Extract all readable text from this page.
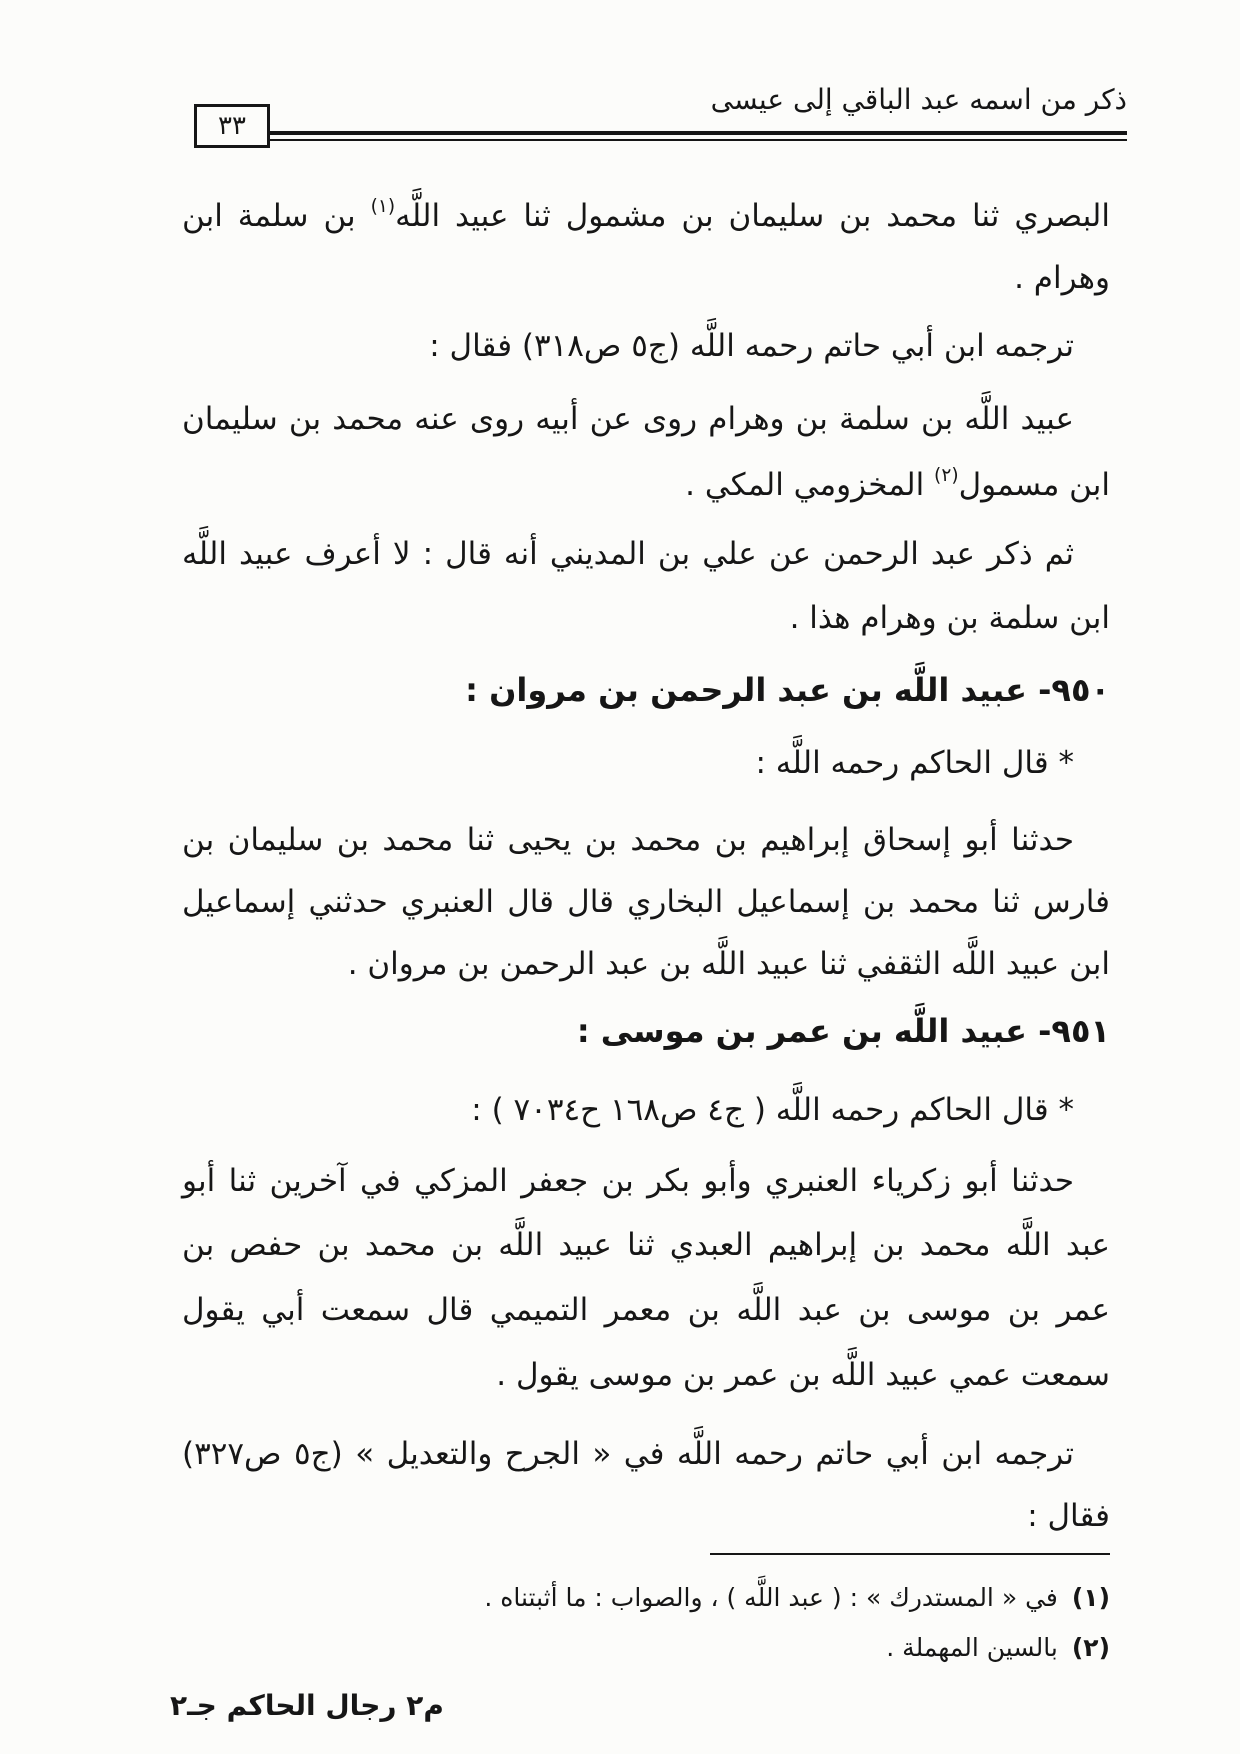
ذكر من اسمه عبد الباقي إلى عيسى
٣٣
البصري ثنا محمد بن سليمان بن مشمول ثنا عبيد اللَّه$^{(١)}$ بن سلمة ابن
وهرام .
ترجمه ابن أبي حاتم رحمه اللَّه (ج٥ ص٣١٨) فقال :
عبيد اللَّه بن سلمة بن وهرام روى عن أبيه روى عنه محمد بن سليمان
ابن مسمول$^{(٢)}$ المخزومي المكي .
ثم ذكر عبد الرحمن عن علي بن المديني أنه قال : لا أعرف عبيد اللَّه
ابن سلمة بن وهرام هذا .
٩٥٠- عبيد اللَّه بن عبد الرحمن بن مروان :
* قال الحاكم رحمه اللَّه :
حدثنا أبو إسحاق إبراهيم بن محمد بن يحيى ثنا محمد بن سليمان بن
فارس ثنا محمد بن إسماعيل البخاري قال قال العنبري حدثني إسماعيل
ابن عبيد اللَّه الثقفي ثنا عبيد اللَّه بن عبد الرحمن بن مروان .
٩٥١- عبيد اللَّه بن عمر بن موسى :
* قال الحاكم رحمه اللَّه ( ج٤ ص١٦٨ ح٧٠٣٤ ) :
حدثنا أبو زكرياء العنبري وأبو بكر بن جعفر المزكي في آخرين ثنا أبو
عبد اللَّه محمد بن إبراهيم العبدي ثنا عبيد اللَّه بن محمد بن حفص بن
عمر بن موسى بن عبد اللَّه بن معمر التميمي قال سمعت أبي يقول
سمعت عمي عبيد اللَّه بن عمر بن موسى يقول .
ترجمه ابن أبي حاتم رحمه اللَّه في « الجرح والتعديل » (ج٥ ص٣٢٧)
فقال :
(١)في « المستدرك » : ( عبد اللَّه ) ، والصواب : ما أثبتناه .
(٢)بالسين المهملة .
م٢ رجال الحاكم جـ٢
